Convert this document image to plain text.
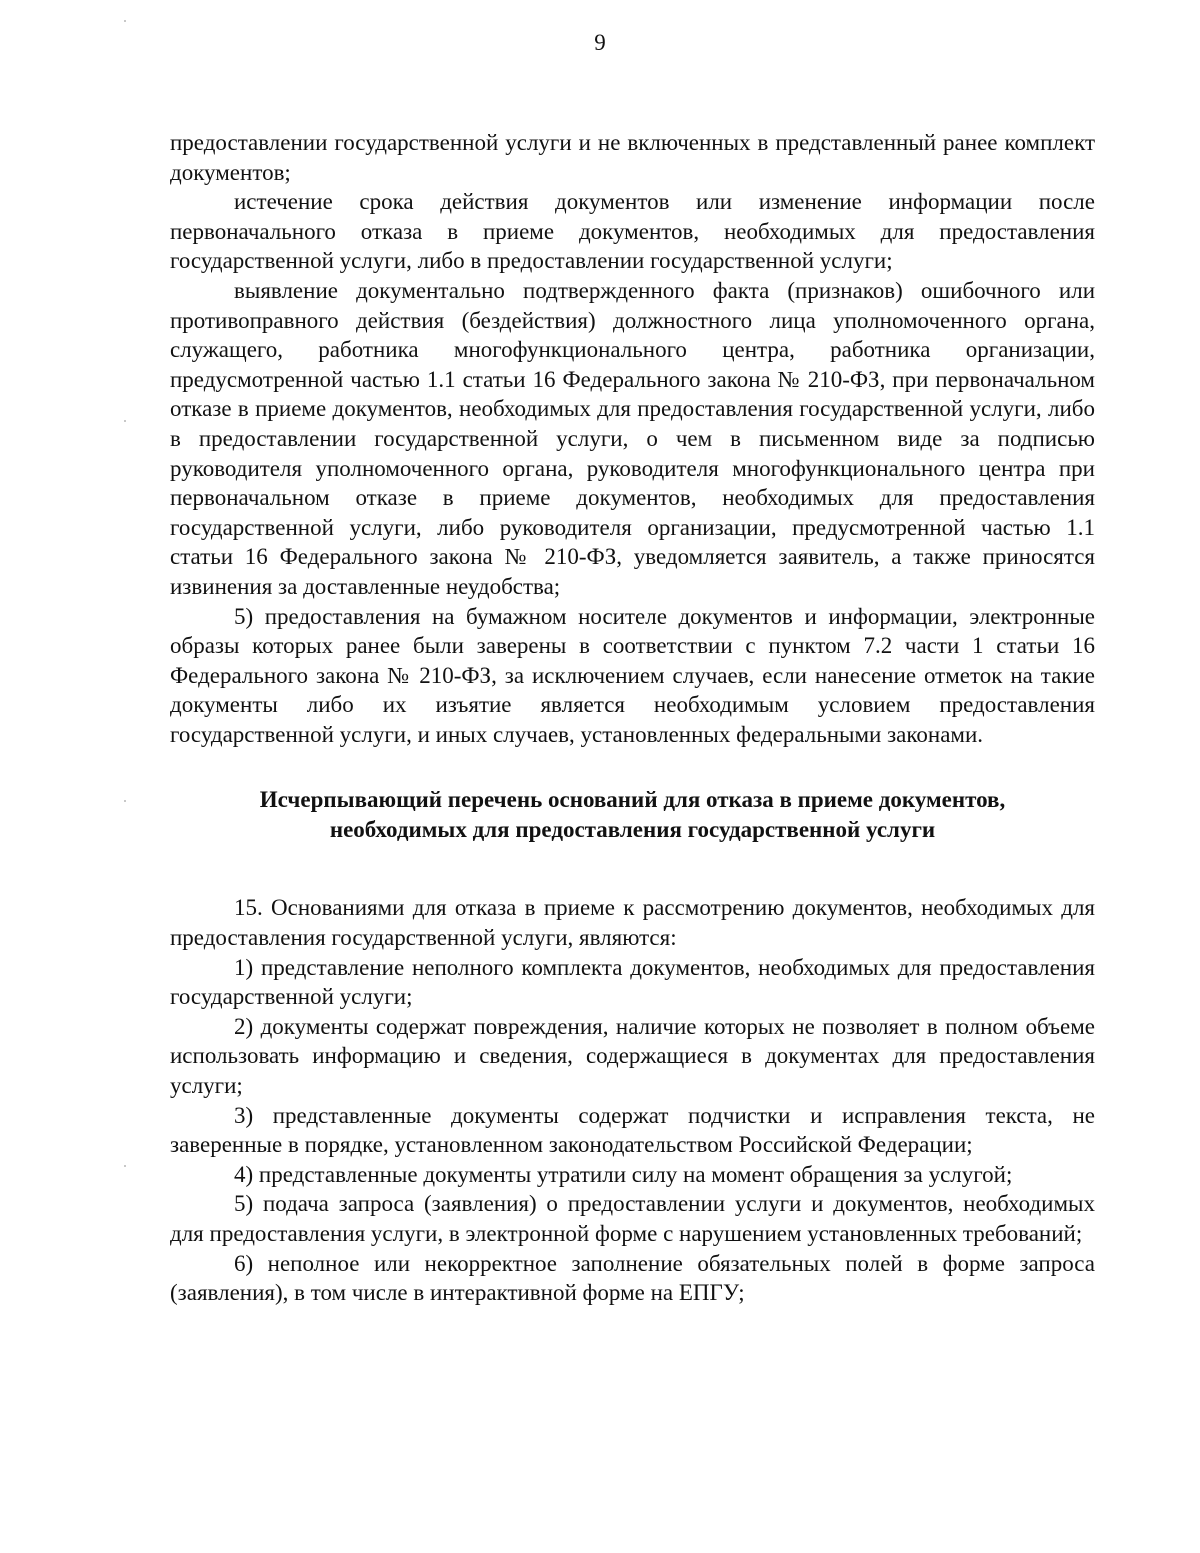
9

предоставлении государственной услуги и не включенных в представленный ранее комплект документов;

истечение срока действия документов или изменение информации после первоначального отказа в приеме документов, необходимых для предоставления государственной услуги, либо в предоставлении государственной услуги;

выявление документально подтвержденного факта (признаков) ошибочного или противоправного действия (бездействия) должностного лица уполномоченного органа, служащего, работника многофункционального центра, работника организации, предусмотренной частью 1.1 статьи 16 Федерального закона № 210-ФЗ, при первоначальном отказе в приеме документов, необходимых для предоставления государственной услуги, либо в предоставлении государственной услуги, о чем в письменном виде за подписью руководителя уполномоченного органа, руководителя многофункционального центра при первоначальном отказе в приеме документов, необходимых для предоставления государственной услуги, либо руководителя организации, предусмотренной частью 1.1 статьи 16 Федерального закона № 210-ФЗ, уведомляется заявитель, а также приносятся извинения за доставленные неудобства;

5) предоставления на бумажном носителе документов и информации, электронные образы которых ранее были заверены в соответствии с пунктом 7.2 части 1 статьи 16 Федерального закона № 210-ФЗ, за исключением случаев, если нанесение отметок на такие документы либо их изъятие является необходимым условием предоставления государственной услуги, и иных случаев, установленных федеральными законами.

Исчерпывающий перечень оснований для отказа в приеме документов,
необходимых для предоставления государственной услуги

15. Основаниями для отказа в приеме к рассмотрению документов, необходимых для предоставления государственной услуги, являются:

1) представление неполного комплекта документов, необходимых для предоставления государственной услуги;

2) документы содержат повреждения, наличие которых не позволяет в полном объеме использовать информацию и сведения, содержащиеся в документах для предоставления услуги;

3) представленные документы содержат подчистки и исправления текста, не заверенные в порядке, установленном законодательством Российской Федерации;

4) представленные документы утратили силу на момент обращения за услугой;

5) подача запроса (заявления) о предоставлении услуги и документов, необходимых для предоставления услуги, в электронной форме с нарушением установленных требований;

6) неполное или некорректное заполнение обязательных полей в форме запроса (заявления), в том числе в интерактивной форме на ЕПГУ;
